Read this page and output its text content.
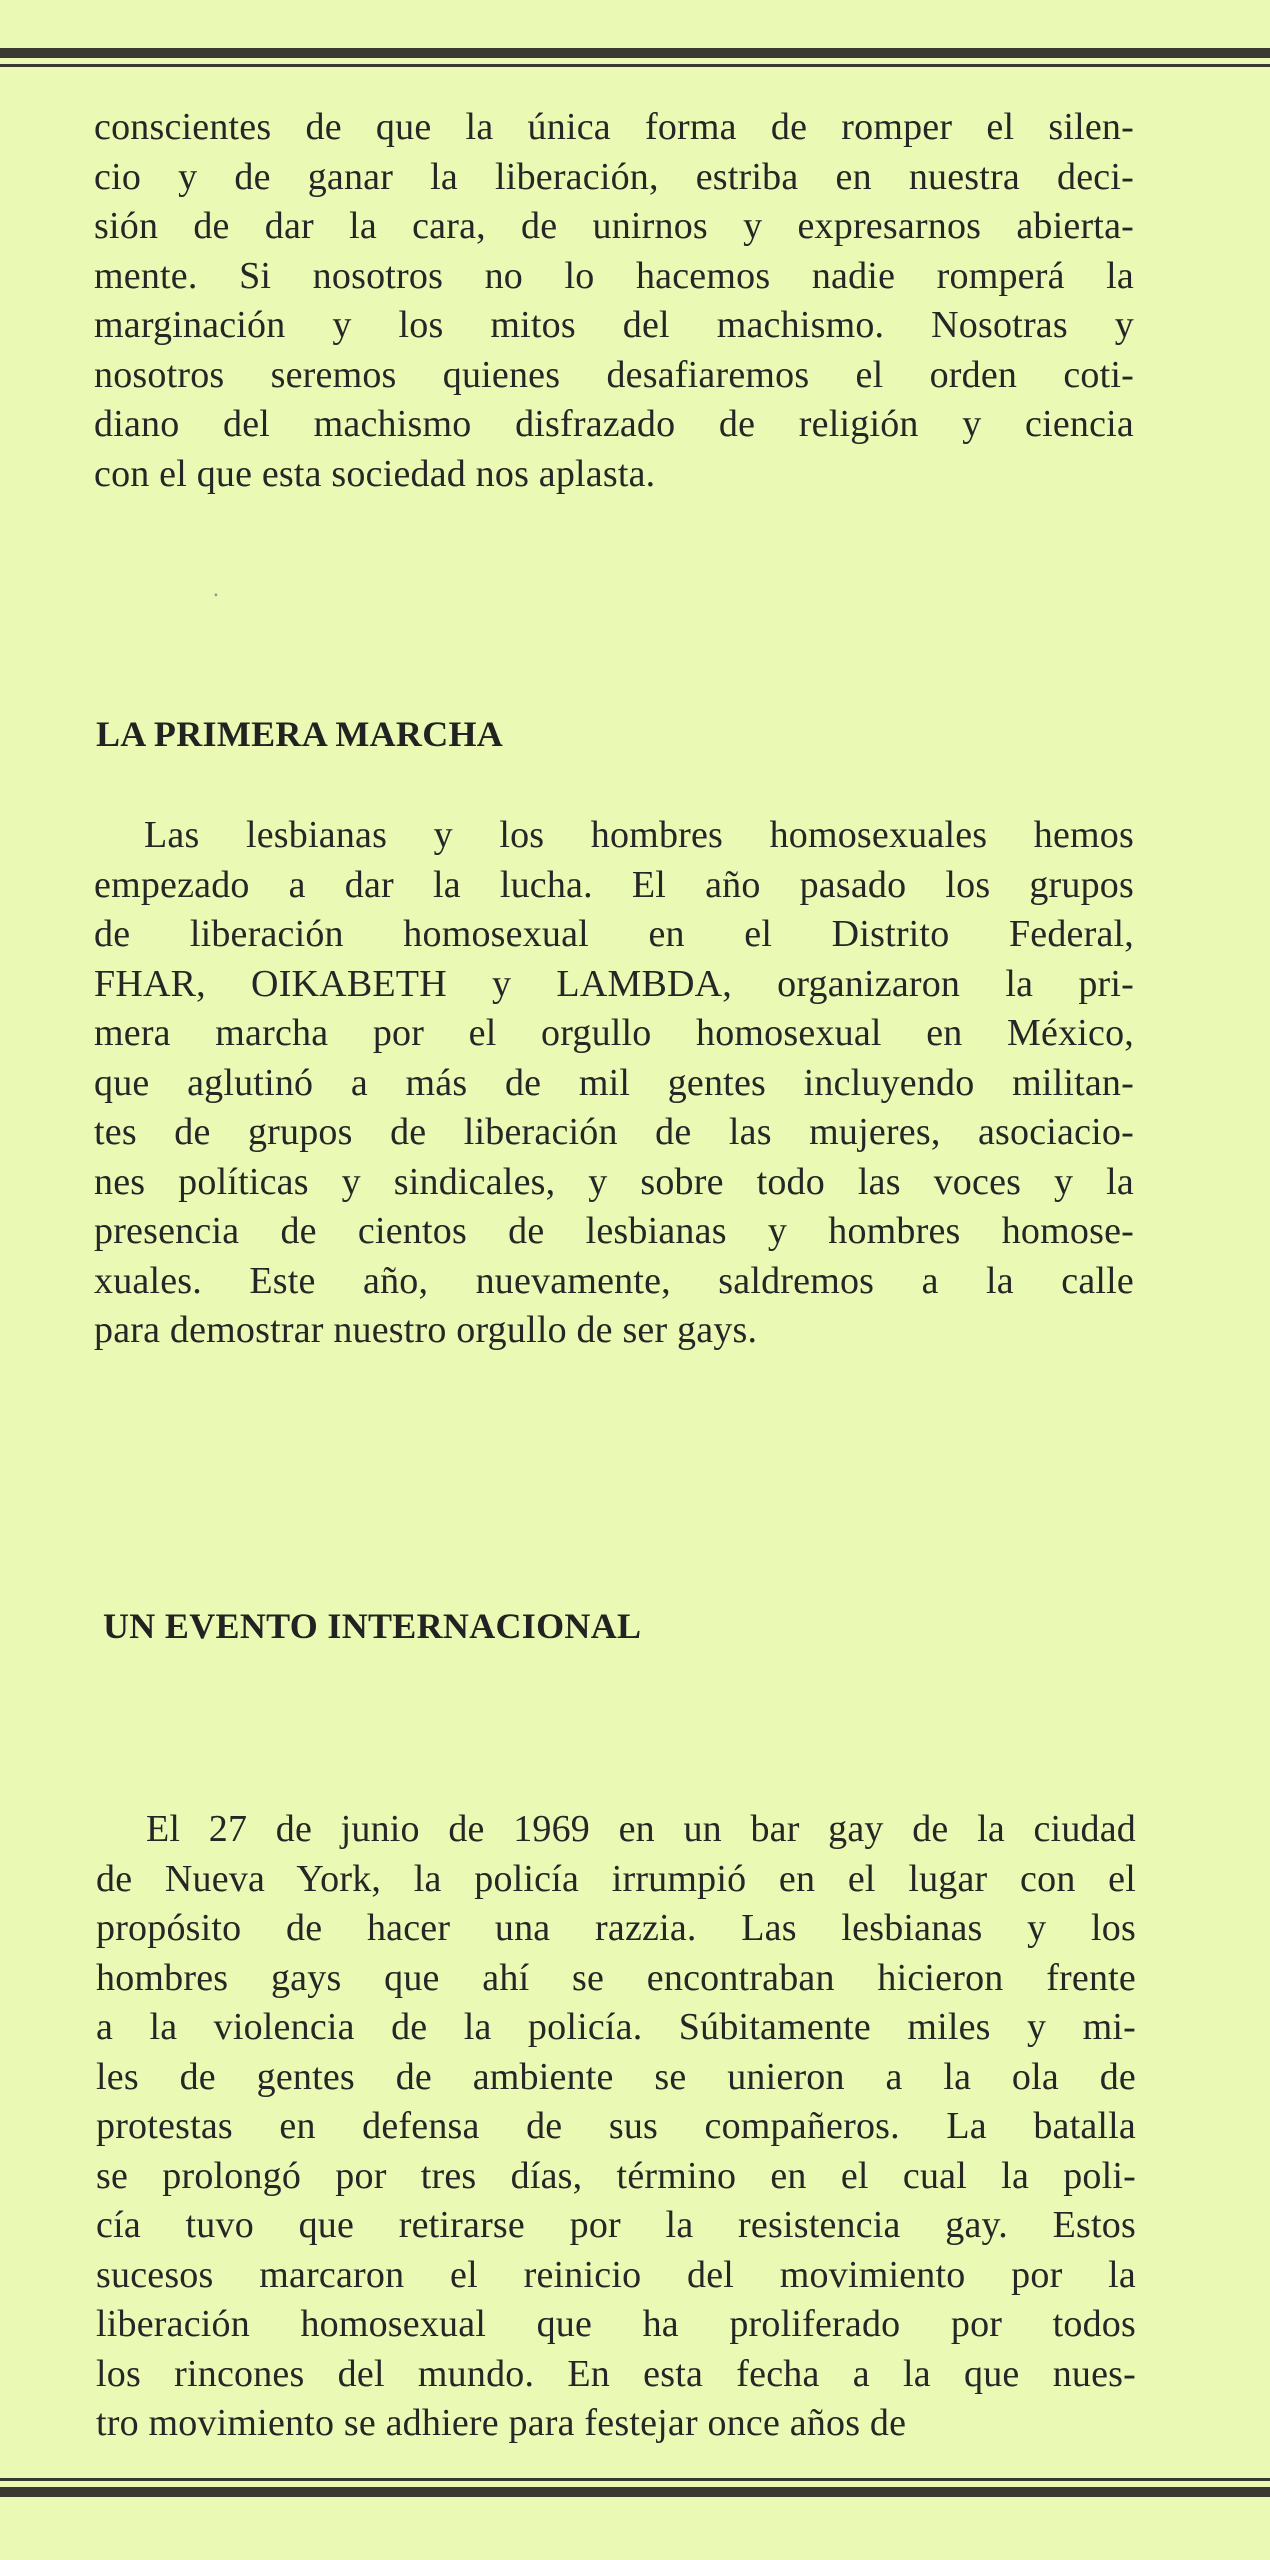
conscientes de que la única forma de romper el silen-
cio y de ganar la liberación, estriba en nuestra deci-
sión de dar la cara, de unirnos y expresarnos abierta-
mente. Si nosotros no lo hacemos nadie romperá la
marginación y los mitos del machismo. Nosotras y
nosotros seremos quienes desafiaremos el orden coti-
diano del machismo disfrazado de religión y ciencia
con el que esta sociedad nos aplasta.
⸳
LA PRIMERA MARCHA
Las lesbianas y los hombres homosexuales hemos
empezado a dar la lucha. El año pasado los grupos
de liberación homosexual en el Distrito Federal,
FHAR, OIKABETH y LAMBDA, organizaron la pri-
mera marcha por el orgullo homosexual en México,
que aglutinó a más de mil gentes incluyendo militan-
tes de grupos de liberación de las mujeres, asociacio-
nes políticas y sindicales, y sobre todo las voces y la
presencia de cientos de lesbianas y hombres homose-
xuales. Este año, nuevamente, saldremos a la calle
para demostrar nuestro orgullo de ser gays.
UN EVENTO INTERNACIONAL
El 27 de junio de 1969 en un bar gay de la ciudad
de Nueva York, la policía irrumpió en el lugar con el
propósito de hacer una razzia. Las lesbianas y los
hombres gays que ahí se encontraban hicieron frente
a la violencia de la policía. Súbitamente miles y mi-
les de gentes de ambiente se unieron a la ola de
protestas en defensa de sus compañeros. La batalla
se prolongó por tres días, término en el cual la poli-
cía tuvo que retirarse por la resistencia gay. Estos
sucesos marcaron el reinicio del movimiento por la
liberación homosexual que ha proliferado por todos
los rincones del mundo. En esta fecha a la que nues-
tro movimiento se adhiere para festejar once años de
